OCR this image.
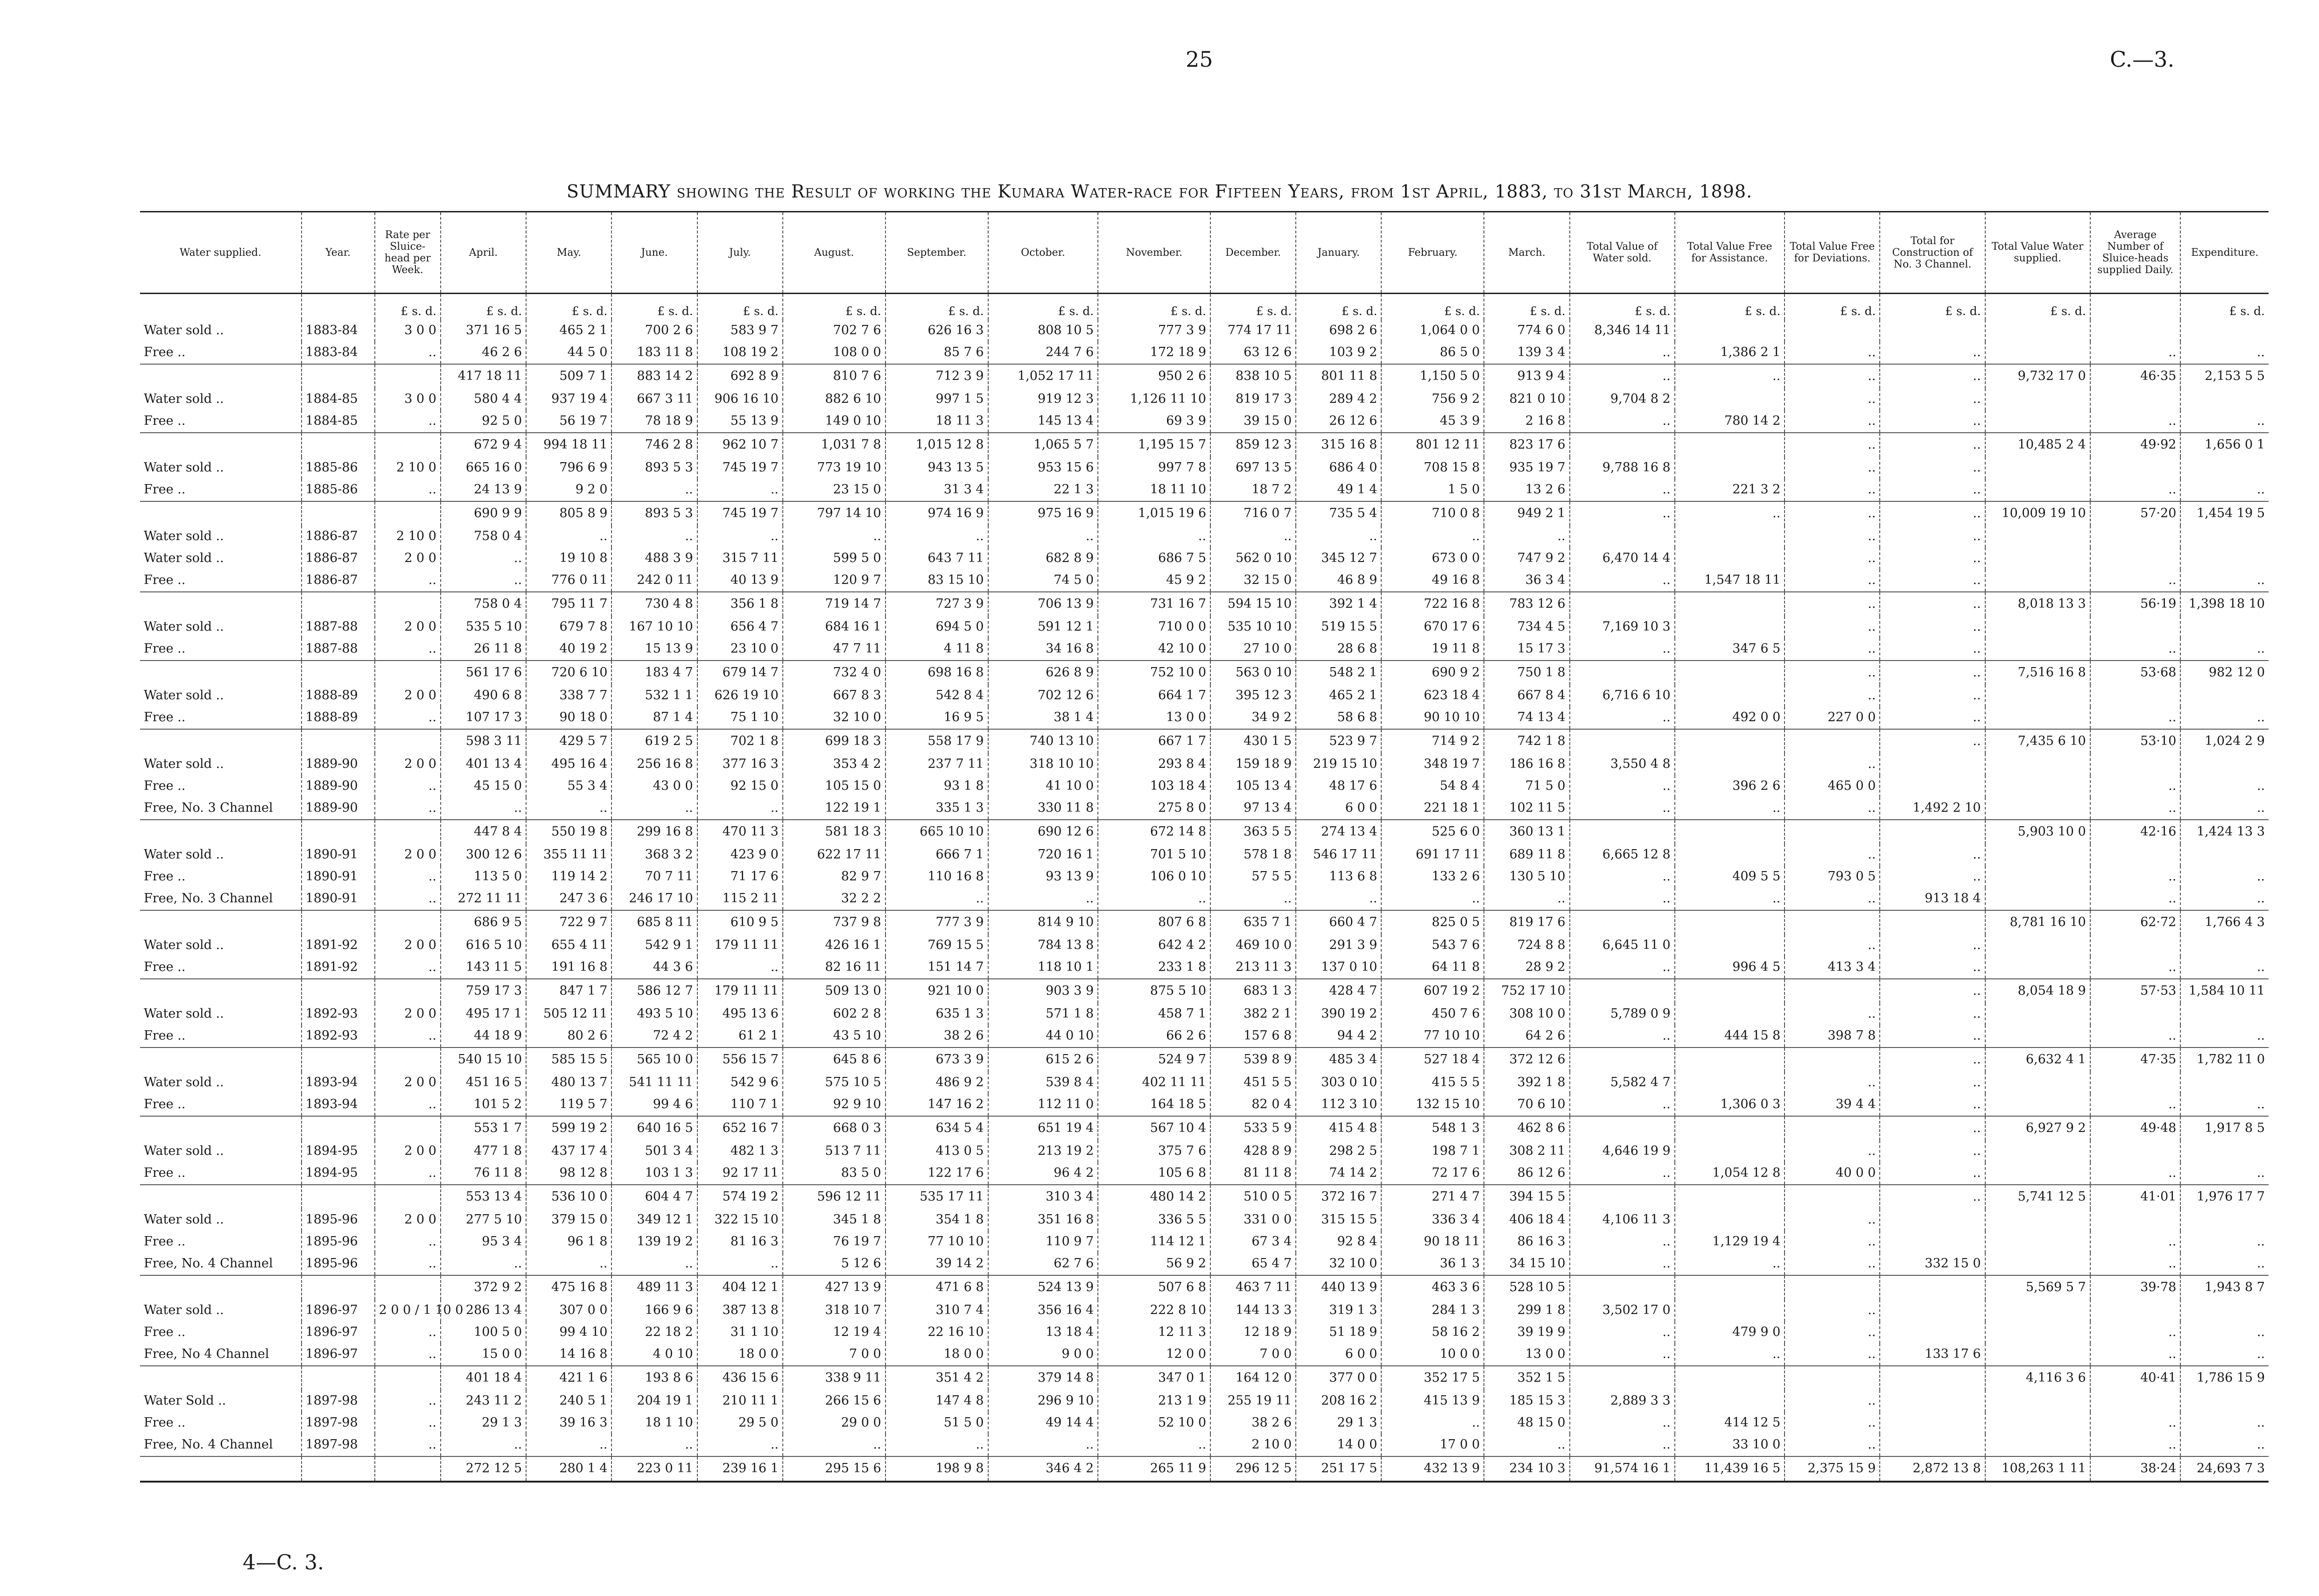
25	C.—3.
SUMMARY showing the Result of working the Kumara Water-race for Fifteen Years, from 1st April, 1883, to 31st March, 1898.
Water supplied.	Year.	Rate per Sluice-head per Week.	April.	May.	June.	July.	August.	September.	October.	November.	December.	January.	February.	March.	Total Value of Water sold.	Total Value Free for Assistance.	Total Value Free for Deviations.	Total for Construction of No. 3 Channel.	Total Value Water supplied.	Average Number of Sluice-heads supplied Daily.	Expenditure.
		£ s. d.	£ s. d.	£ s. d.	£ s. d.	£ s. d.	£ s. d.	£ s. d.	£ s. d.	£ s. d.	£ s. d.	£ s. d.	£ s. d.	£ s. d.	£ s. d.	£ s. d.	£ s. d.	£ s. d.	£ s. d.		£ s. d.
Water sold ..	1883-84	3 0 0	371 16 5	465 2 1	700 2 6	583 9 7	702 7 6	626 16 3	808 10 5	777 3 9	774 17 11	698 2 6	1,064 0 0	774 6 0	8,346 14 11						
Free ..	1883-84	..	46 2 6	44 5 0	183 11 8	108 19 2	108 0 0	85 7 6	244 7 6	172 18 9	63 12 6	103 9 2	86 5 0	139 3 4	..	1,386 2 1	..	..		..	..
			417 18 11	509 7 1	883 14 2	692 8 9	810 7 6	712 3 9	1,052 17 11	950 2 6	838 10 5	801 11 8	1,150 5 0	913 9 4	..	..	..	..	9,732 17 0	46·35	2,153 5 5
Water sold ..	1884-85	3 0 0	580 4 4	937 19 4	667 3 11	906 16 10	882 6 10	997 1 5	919 12 3	1,126 11 10	819 17 3	289 4 2	756 9 2	821 0 10	9,704 8 2		..	..			
Free ..	1884-85	..	92 5 0	56 19 7	78 18 9	55 13 9	149 0 10	18 11 3	145 13 4	69 3 9	39 15 0	26 12 6	45 3 9	2 16 8	..	780 14 2	..	..		..	..
			672 9 4	994 18 11	746 2 8	962 10 7	1,031 7 8	1,015 12 8	1,065 5 7	1,195 15 7	859 12 3	315 16 8	801 12 11	823 17 6			..	..	10,485 2 4	49·92	1,656 0 1
Water sold ..	1885-86	2 10 0	665 16 0	796 6 9	893 5 3	745 19 7	773 19 10	943 13 5	953 15 6	997 7 8	697 13 5	686 4 0	708 15 8	935 19 7	9,788 16 8		..	..			
Free ..	1885-86	..	24 13 9	9 2 0	..	..	23 15 0	31 3 4	22 1 3	18 11 10	18 7 2	49 1 4	1 5 0	13 2 6	..	221 3 2	..	..		..	..
			690 9 9	805 8 9	893 5 3	745 19 7	797 14 10	974 16 9	975 16 9	1,015 19 6	716 0 7	735 5 4	710 0 8	949 2 1	..	..	..	..	10,009 19 10	57·20	1,454 19 5
Water sold ..	1886-87	2 10 0	758 0 4	..	..	..	..	..	..	..	..	..	..	..			..	..			
Water sold ..	1886-87	2 0 0	..	19 10 8	488 3 9	315 7 11	599 5 0	643 7 11	682 8 9	686 7 5	562 0 10	345 12 7	673 0 0	747 9 2	6,470 14 4		..	..			
Free ..	1886-87	..	..	776 0 11	242 0 11	40 13 9	120 9 7	83 15 10	74 5 0	45 9 2	32 15 0	46 8 9	49 16 8	36 3 4	..	1,547 18 11	..	..		..	..
			758 0 4	795 11 7	730 4 8	356 1 8	719 14 7	727 3 9	706 13 9	731 16 7	594 15 10	392 1 4	722 16 8	783 12 6			..	..	8,018 13 3	56·19	1,398 18 10
Water sold ..	1887-88	2 0 0	535 5 10	679 7 8	167 10 10	656 4 7	684 16 1	694 5 0	591 12 1	710 0 0	535 10 10	519 15 5	670 17 6	734 4 5	7,169 10 3		..	..			
Free ..	1887-88	..	26 11 8	40 19 2	15 13 9	23 10 0	47 7 11	4 11 8	34 16 8	42 10 0	27 10 0	28 6 8	19 11 8	15 17 3	..	347 6 5	..	..		..	..
			561 17 6	720 6 10	183 4 7	679 14 7	732 4 0	698 16 8	626 8 9	752 10 0	563 0 10	548 2 1	690 9 2	750 1 8			..	..	7,516 16 8	53·68	982 12 0
Water sold ..	1888-89	2 0 0	490 6 8	338 7 7	532 1 1	626 19 10	667 8 3	542 8 4	702 12 6	664 1 7	395 12 3	465 2 1	623 18 4	667 8 4	6,716 6 10		..	..			
Free ..	1888-89	..	107 17 3	90 18 0	87 1 4	75 1 10	32 10 0	16 9 5	38 1 4	13 0 0	34 9 2	58 6 8	90 10 10	74 13 4	..	492 0 0	227 0 0	..		..	..
			598 3 11	429 5 7	619 2 5	702 1 8	699 18 3	558 17 9	740 13 10	667 1 7	430 1 5	523 9 7	714 9 2	742 1 8				..	7,435 6 10	53·10	1,024 2 9
Water sold ..	1889-90	2 0 0	401 13 4	495 16 4	256 16 8	377 16 3	353 4 2	237 7 11	318 10 10	293 8 4	159 18 9	219 15 10	348 19 7	186 16 8	3,550 4 8		..				
Free ..	1889-90	..	45 15 0	55 3 4	43 0 0	92 15 0	105 15 0	93 1 8	41 10 0	103 18 4	105 13 4	48 17 6	54 8 4	71 5 0	..	396 2 6	465 0 0			..	..
Free, No. 3 Channel	1889-90	..	..	..	..	..	122 19 1	335 1 3	330 11 8	275 8 0	97 13 4	6 0 0	221 18 1	102 11 5	..	..	..	1,492 2 10		..	..
			447 8 4	550 19 8	299 16 8	470 11 3	581 18 3	665 10 10	690 12 6	672 14 8	363 5 5	274 13 4	525 6 0	360 13 1					5,903 10 0	42·16	1,424 13 3
Water sold ..	1890-91	2 0 0	300 12 6	355 11 11	368 3 2	423 9 0	622 17 11	666 7 1	720 16 1	701 5 10	578 1 8	546 17 11	691 17 11	689 11 8	6,665 12 8		..	..			
Free ..	1890-91	..	113 5 0	119 14 2	70 7 11	71 17 6	82 9 7	110 16 8	93 13 9	106 0 10	57 5 5	113 6 8	133 2 6	130 5 10	..	409 5 5	793 0 5	..		..	..
Free, No. 3 Channel	1890-91	..	272 11 11	247 3 6	246 17 10	115 2 11	32 2 2	..	..	..	..	..	..	..	..	..	..	913 18 4		..	..
			686 9 5	722 9 7	685 8 11	610 9 5	737 9 8	777 3 9	814 9 10	807 6 8	635 7 1	660 4 7	825 0 5	819 17 6					8,781 16 10	62·72	1,766 4 3
Water sold ..	1891-92	2 0 0	616 5 10	655 4 11	542 9 1	179 11 11	426 16 1	769 15 5	784 13 8	642 4 2	469 10 0	291 3 9	543 7 6	724 8 8	6,645 11 0		..	..			
Free ..	1891-92	..	143 11 5	191 16 8	44 3 6	..	82 16 11	151 14 7	118 10 1	233 1 8	213 11 3	137 0 10	64 11 8	28 9 2	..	996 4 5	413 3 4	..		..	..
			759 17 3	847 1 7	586 12 7	179 11 11	509 13 0	921 10 0	903 3 9	875 5 10	683 1 3	428 4 7	607 19 2	752 17 10				..	8,054 18 9	57·53	1,584 10 11
Water sold ..	1892-93	2 0 0	495 17 1	505 12 11	493 5 10	495 13 6	602 2 8	635 1 3	571 1 8	458 7 1	382 2 1	390 19 2	450 7 6	308 10 0	5,789 0 9		..	..			
Free ..	1892-93	..	44 18 9	80 2 6	72 4 2	61 2 1	43 5 10	38 2 6	44 0 10	66 2 6	157 6 8	94 4 2	77 10 10	64 2 6	..	444 15 8	398 7 8	..		..	..
			540 15 10	585 15 5	565 10 0	556 15 7	645 8 6	673 3 9	615 2 6	524 9 7	539 8 9	485 3 4	527 18 4	372 12 6				..	6,632 4 1	47·35	1,782 11 0
Water sold ..	1893-94	2 0 0	451 16 5	480 13 7	541 11 11	542 9 6	575 10 5	486 9 2	539 8 4	402 11 11	451 5 5	303 0 10	415 5 5	392 1 8	5,582 4 7		..	..			
Free ..	1893-94	..	101 5 2	119 5 7	99 4 6	110 7 1	92 9 10	147 16 2	112 11 0	164 18 5	82 0 4	112 3 10	132 15 10	70 6 10	..	1,306 0 3	39 4 4	..		..	..
			553 1 7	599 19 2	640 16 5	652 16 7	668 0 3	634 5 4	651 19 4	567 10 4	533 5 9	415 4 8	548 1 3	462 8 6				..	6,927 9 2	49·48	1,917 8 5
Water sold ..	1894-95	2 0 0	477 1 8	437 17 4	501 3 4	482 1 3	513 7 11	413 0 5	213 19 2	375 7 6	428 8 9	298 2 5	198 7 1	308 2 11	4,646 19 9		..	..			
Free ..	1894-95	..	76 11 8	98 12 8	103 1 3	92 17 11	83 5 0	122 17 6	96 4 2	105 6 8	81 11 8	74 14 2	72 17 6	86 12 6	..	1,054 12 8	40 0 0	..		..	..
			553 13 4	536 10 0	604 4 7	574 19 2	596 12 11	535 17 11	310 3 4	480 14 2	510 0 5	372 16 7	271 4 7	394 15 5				..	5,741 12 5	41·01	1,976 17 7
Water sold ..	1895-96	2 0 0	277 5 10	379 15 0	349 12 1	322 15 10	345 1 8	354 1 8	351 16 8	336 5 5	331 0 0	315 15 5	336 3 4	406 18 4	4,106 11 3		..				
Free ..	1895-96	..	95 3 4	96 1 8	139 19 2	81 16 3	76 19 7	77 10 10	110 9 7	114 12 1	67 3 4	92 8 4	90 18 11	86 16 3	..	1,129 19 4	..			..	..
Free, No. 4 Channel	1895-96	..	..	..	..	..	5 12 6	39 14 2	62 7 6	56 9 2	65 4 7	32 10 0	36 1 3	34 15 10	..	..	..	332 15 0		..	..
			372 9 2	475 16 8	489 11 3	404 12 1	427 13 9	471 6 8	524 13 9	507 6 8	463 7 11	440 13 9	463 3 6	528 10 5					5,569 5 7	39·78	1,943 8 7
Water sold ..	1896-97	2 0 0 / 1 10 0	286 13 4	307 0 0	166 9 6	387 13 8	318 10 7	310 7 4	356 16 4	222 8 10	144 13 3	319 1 3	284 1 3	299 1 8	3,502 17 0		..				
Free ..	1896-97	..	100 5 0	99 4 10	22 18 2	31 1 10	12 19 4	22 16 10	13 18 4	12 11 3	12 18 9	51 18 9	58 16 2	39 19 9	..	479 9 0	..			..	..
Free, No 4 Channel	1896-97	..	15 0 0	14 16 8	4 0 10	18 0 0	7 0 0	18 0 0	9 0 0	12 0 0	7 0 0	6 0 0	10 0 0	13 0 0	..	..	..	133 17 6		..	..
			401 18 4	421 1 6	193 8 6	436 15 6	338 9 11	351 4 2	379 14 8	347 0 1	164 12 0	377 0 0	352 17 5	352 1 5					4,116 3 6	40·41	1,786 15 9
Water Sold ..	1897-98	..	243 11 2	240 5 1	204 19 1	210 11 1	266 15 6	147 4 8	296 9 10	213 1 9	255 19 11	208 16 2	415 13 9	185 15 3	2,889 3 3		..				
Free ..	1897-98	..	29 1 3	39 16 3	18 1 10	29 5 0	29 0 0	51 5 0	49 14 4	52 10 0	38 2 6	29 1 3	..	48 15 0	..	414 12 5	..			..	..
Free, No. 4 Channel	1897-98	..	..	..	..	..	..	..	..	..	2 10 0	14 0 0	17 0 0	..	..	33 10 0	..			..	..
			272 12 5	280 1 4	223 0 11	239 16 1	295 15 6	198 9 8	346 4 2	265 11 9	296 12 5	251 17 5	432 13 9	234 10 3	91,574 16 1	11,439 16 5	2,375 15 9	2,872 13 8	108,263 1 11	38·24	24,693 7 3
4—C. 3.
